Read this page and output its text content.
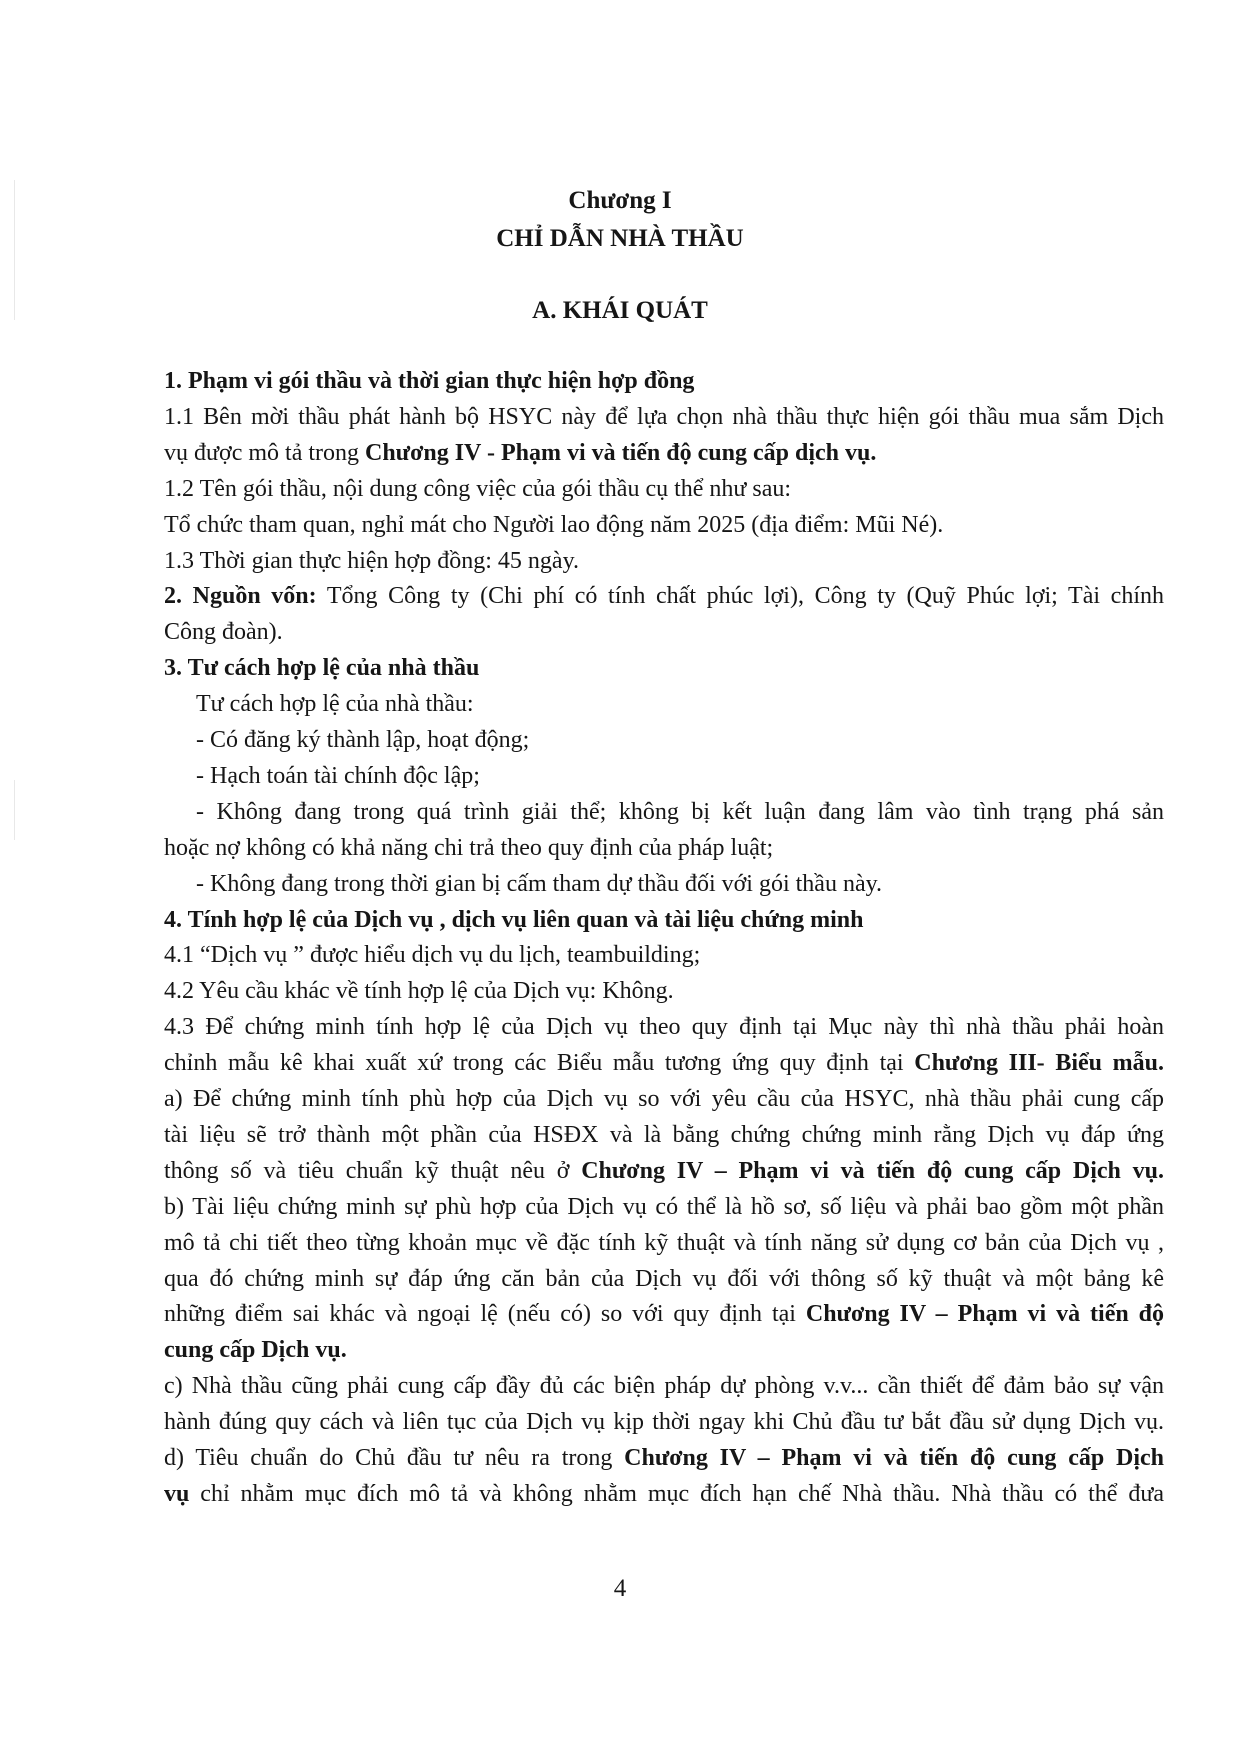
Chương I
CHỈ DẪN NHÀ THẦU
A. KHÁI QUÁT
1. Phạm vi gói thầu và thời gian thực hiện hợp đồng
1.1 Bên mời thầu phát hành bộ HSYC này để lựa chọn nhà thầu thực hiện gói thầu mua sắm Dịch
vụ được mô tả trong Chương IV - Phạm vi và tiến độ cung cấp dịch vụ.
1.2 Tên gói thầu, nội dung công việc của gói thầu cụ thể như sau:
Tổ chức tham quan, nghỉ mát cho Người lao động năm 2025 (địa điểm: Mũi Né).
1.3 Thời gian thực hiện hợp đồng: 45 ngày.
2. Nguồn vốn: Tổng Công ty (Chi phí có tính chất phúc lợi), Công ty (Quỹ Phúc lợi; Tài chính
Công đoàn).
3. Tư cách hợp lệ của nhà thầu
Tư cách hợp lệ của nhà thầu:
- Có đăng ký thành lập, hoạt động;
- Hạch toán tài chính độc lập;
- Không đang trong quá trình giải thể; không bị kết luận đang lâm vào tình trạng phá sản
hoặc nợ không có khả năng chi trả theo quy định của pháp luật;
- Không đang trong thời gian bị cấm tham dự thầu đối với gói thầu này.
4. Tính hợp lệ của Dịch vụ , dịch vụ liên quan và tài liệu chứng minh
4.1 “Dịch vụ ” được hiểu dịch vụ du lịch, teambuilding;
4.2 Yêu cầu khác về tính hợp lệ của Dịch vụ: Không.
4.3 Để chứng minh tính hợp lệ của Dịch vụ theo quy định tại Mục này thì nhà thầu phải hoàn
chỉnh mẫu kê khai xuất xứ trong các Biểu mẫu tương ứng quy định tại Chương III- Biểu mẫu.
a) Để chứng minh tính phù hợp của Dịch vụ so với yêu cầu của HSYC, nhà thầu phải cung cấp
tài liệu sẽ trở thành một phần của HSĐX và là bằng chứng chứng minh rằng Dịch vụ đáp ứng
thông số và tiêu chuẩn kỹ thuật nêu ở Chương IV – Phạm vi và tiến độ cung cấp Dịch vụ.
b) Tài liệu chứng minh sự phù hợp của Dịch vụ có thể là hồ sơ, số liệu và phải bao gồm một phần
mô tả chi tiết theo từng khoản mục về đặc tính kỹ thuật và tính năng sử dụng cơ bản của Dịch vụ ,
qua đó chứng minh sự đáp ứng căn bản của Dịch vụ đối với thông số kỹ thuật và một bảng kê
những điểm sai khác và ngoại lệ (nếu có) so với quy định tại Chương IV – Phạm vi và tiến độ
cung cấp Dịch vụ.
c) Nhà thầu cũng phải cung cấp đầy đủ các biện pháp dự phòng v.v... cần thiết để đảm bảo sự vận
hành đúng quy cách và liên tục của Dịch vụ kịp thời ngay khi Chủ đầu tư bắt đầu sử dụng Dịch vụ.
d) Tiêu chuẩn do Chủ đầu tư nêu ra trong Chương IV – Phạm vi và tiến độ cung cấp Dịch
vụ chỉ nhằm mục đích mô tả và không nhằm mục đích hạn chế Nhà thầu. Nhà thầu có thể đưa
4
